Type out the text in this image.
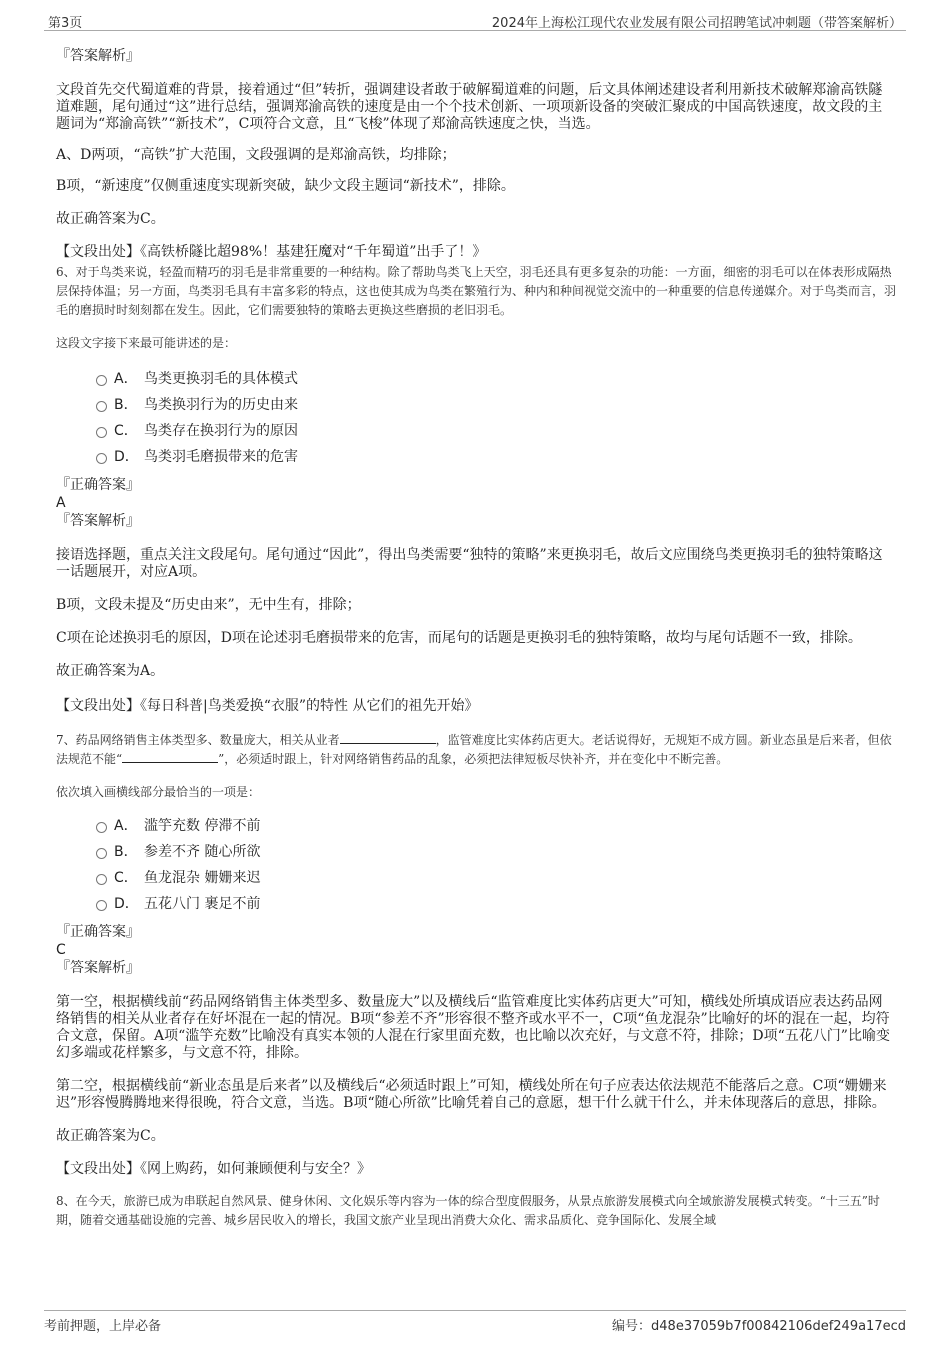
第3页	2024年上海松江现代农业发展有限公司招聘笔试冲刺题（带答案解析）

『答案解析』

文段首先交代蜀道难的背景，接着通过“但”转折，强调建设者敢于破解蜀道难的问题，后文具体阐述建设者利用新技术破解郑渝高铁隧道难题，尾句通过“这”进行总结，强调郑渝高铁的速度是由一个个技术创新、一项项新设备的突破汇聚成的中国高铁速度，故文段的主题词为“郑渝高铁”“新技术”，C项符合文意，且“飞梭”体现了郑渝高铁速度之快，当选。

A、D两项，“高铁”扩大范围，文段强调的是郑渝高铁，均排除；

B项，“新速度”仅侧重速度实现新突破，缺少文段主题词“新技术”，排除。

故正确答案为C。

【文段出处】《高铁桥隧比超98%！基建狂魔对“千年蜀道”出手了！》

6、对于鸟类来说，轻盈而精巧的羽毛是非常重要的一种结构。除了帮助鸟类飞上天空，羽毛还具有更多复杂的功能：一方面，细密的羽毛可以在体表形成隔热层保持体温；另一方面，鸟类羽毛具有丰富多彩的特点，这也使其成为鸟类在繁殖行为、种内和种间视觉交流中的一种重要的信息传递媒介。对于鸟类而言，羽毛的磨损时时刻刻都在发生。因此，它们需要独特的策略去更换这些磨损的老旧羽毛。

这段文字接下来最可能讲述的是：

A． 鸟类更换羽毛的具体模式
B． 鸟类换羽行为的历史由来
C． 鸟类存在换羽行为的原因
D． 鸟类羽毛磨损带来的危害

『正确答案』

A

『答案解析』

接语选择题，重点关注文段尾句。尾句通过“因此”，得出鸟类需要“独特的策略”来更换羽毛，故后文应围绕鸟类更换羽毛的独特策略这一话题展开，对应A项。

B项，文段未提及“历史由来”，无中生有，排除；

C项在论述换羽毛的原因，D项在论述羽毛磨损带来的危害，而尾句的话题是更换羽毛的独特策略，故均与尾句话题不一致，排除。

故正确答案为A。

【文段出处】《每日科普|鸟类爱换“衣服”的特性 从它们的祖先开始》

7、药品网络销售主体类型多、数量庞大，相关从业者	，监管难度比实体药店更大。老话说得好，无规矩不成方圆。新业态虽是后来者，但依法规范不能“	”，必须适时跟上，针对网络销售药品的乱象，必须把法律短板尽快补齐，并在变化中不断完善。

依次填入画横线部分最恰当的一项是：

A． 滥竽充数 停滞不前
B． 参差不齐 随心所欲
C． 鱼龙混杂 姗姗来迟
D． 五花八门 裹足不前

『正确答案』

C

『答案解析』

第一空，根据横线前“药品网络销售主体类型多、数量庞大”以及横线后“监管难度比实体药店更大”可知，横线处所填成语应表达药品网络销售的相关从业者存在好坏混在一起的情况。B项“参差不齐”形容很不整齐或水平不一，C项“鱼龙混杂”比喻好的坏的混在一起，均符合文意，保留。A项“滥竽充数”比喻没有真实本领的人混在行家里面充数，也比喻以次充好，与文意不符，排除；D项“五花八门”比喻变幻多端或花样繁多，与文意不符，排除。

第二空，根据横线前“新业态虽是后来者”以及横线后“必须适时跟上”可知，横线处所在句子应表达依法规范不能落后之意。C项“姗姗来迟”形容慢腾腾地来得很晚，符合文意，当选。B项“随心所欲”比喻凭着自己的意愿，想干什么就干什么，并未体现落后的意思，排除。

故正确答案为C。

【文段出处】《网上购药，如何兼顾便利与安全？》

8、在今天，旅游已成为串联起自然风景、健身休闲、文化娱乐等内容为一体的综合型度假服务，从景点旅游发展模式向全域旅游发展模式转变。“十三五”时期，随着交通基础设施的完善、城乡居民收入的增长，我国文旅产业呈现出消费大众化、需求品质化、竞争国际化、发展全域

考前押题，上岸必备	编号：d48e37059b7f00842106def249a17ecd
